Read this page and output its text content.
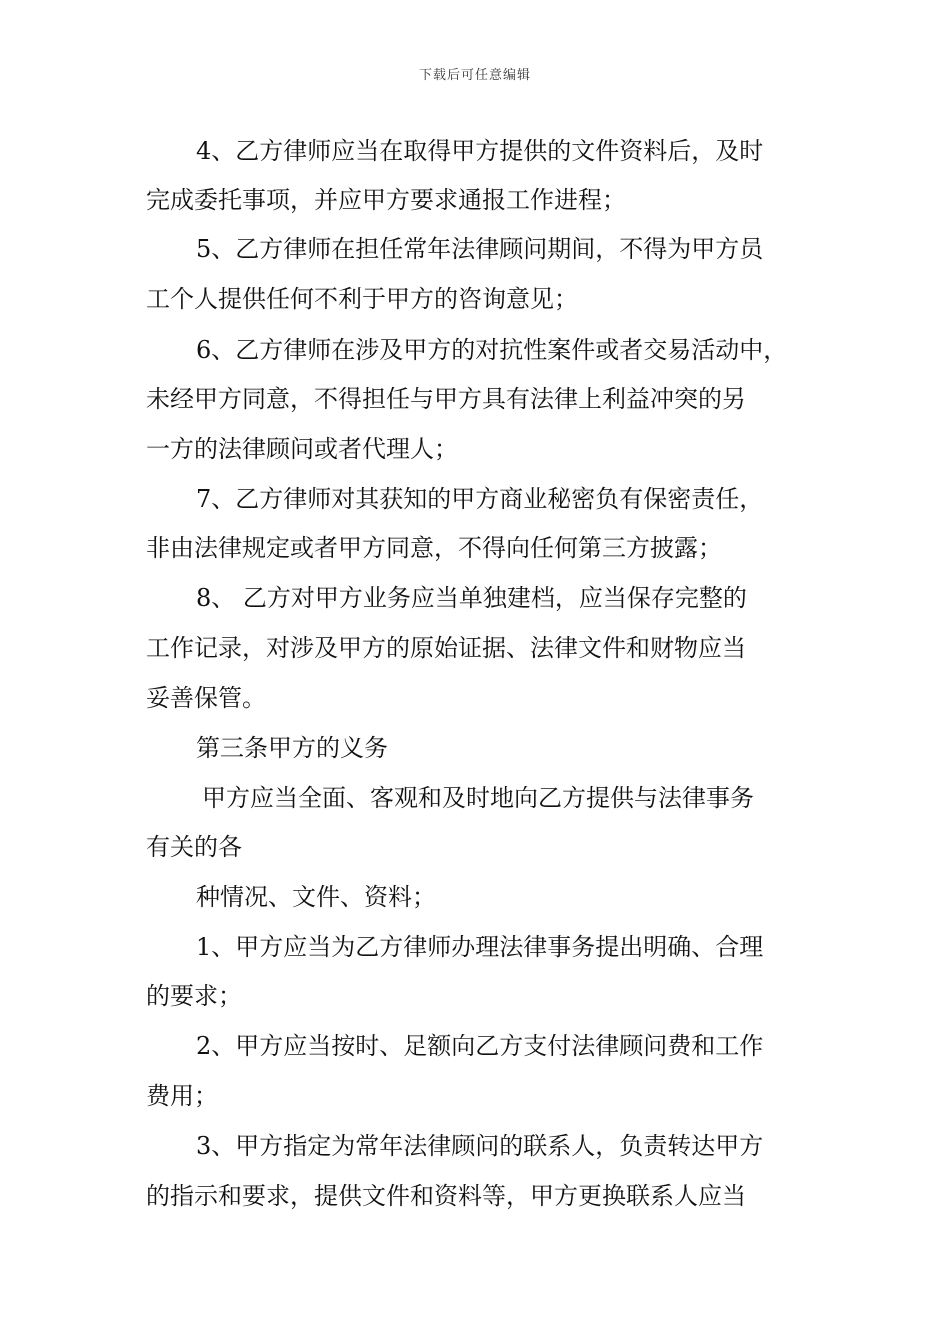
下载后可任意编辑
4、乙方律师应当在取得甲方提供的文件资料后，及时
完成委托事项，并应甲方要求通报工作进程；
5、乙方律师在担任常年法律顾问期间，不得为甲方员
工个人提供任何不利于甲方的咨询意见；
6、乙方律师在涉及甲方的对抗性案件或者交易活动中，
未经甲方同意，不得担任与甲方具有法律上利益冲突的另
一方的法律顾问或者代理人；
7、乙方律师对其获知的甲方商业秘密负有保密责任，
非由法律规定或者甲方同意，不得向任何第三方披露；
8、 乙方对甲方业务应当单独建档，应当保存完整的
工作记录，对涉及甲方的原始证据、法律文件和财物应当
妥善保管。
第三条甲方的义务
甲方应当全面、客观和及时地向乙方提供与法律事务
有关的各
种情况、文件、资料；
1、甲方应当为乙方律师办理法律事务提出明确、合理
的要求；
2、甲方应当按时、足额向乙方支付法律顾问费和工作
费用；
3、甲方指定为常年法律顾问的联系人，负责转达甲方
的指示和要求，提供文件和资料等，甲方更换联系人应当
